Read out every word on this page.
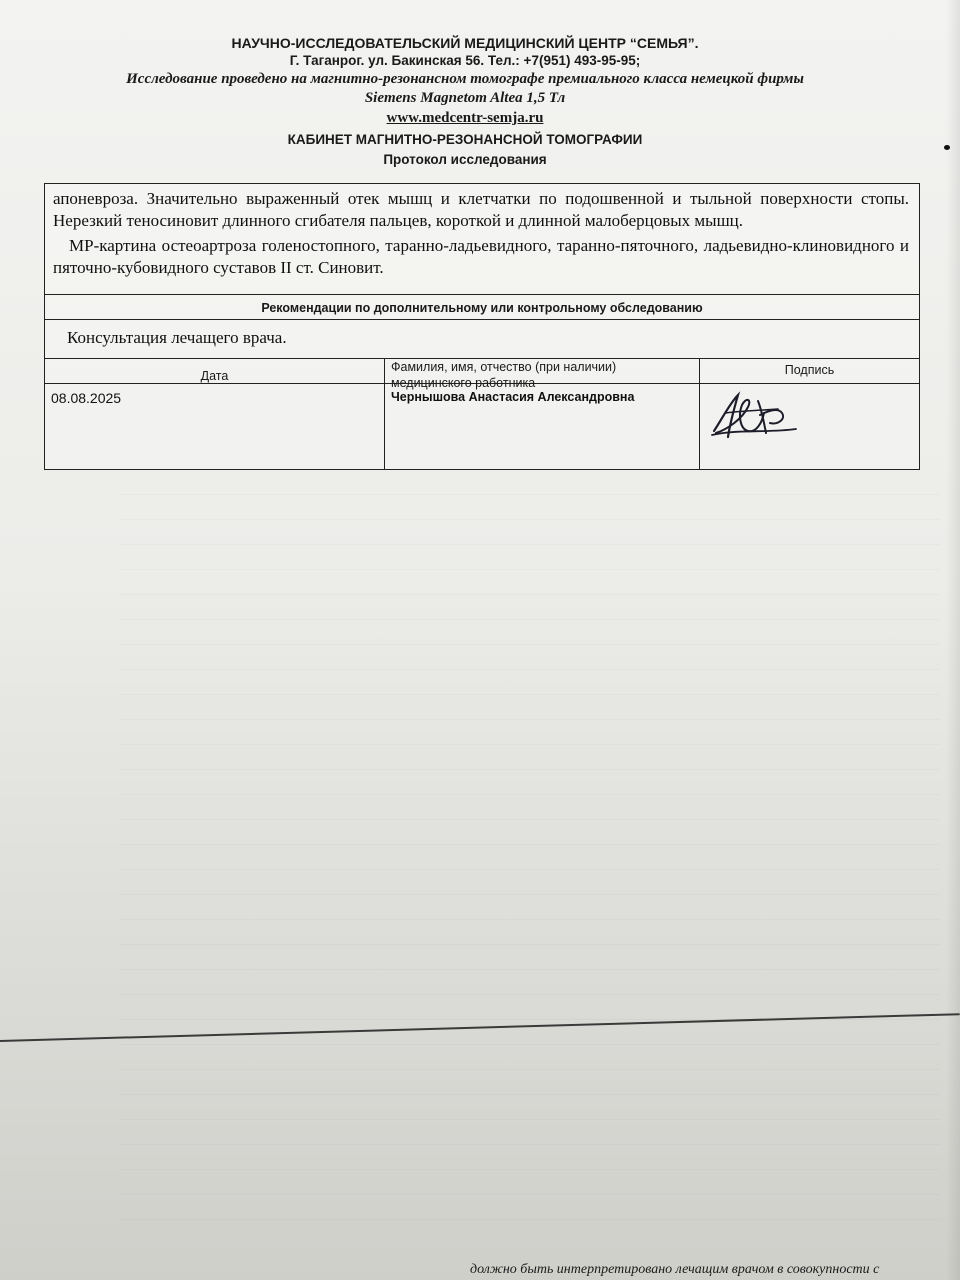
НАУЧНО-ИССЛЕДОВАТЕЛЬСКИЙ МЕДИЦИНСКИЙ ЦЕНТР “СЕМЬЯ”.
Г. Таганрог. ул. Бакинская 56. Тел.: +7(951) 493-95-95;
Исследование проведено на магнитно-резонансном томографе премиального класса немецкой фирмы
Siemens Magnetom Altea 1,5 Тл
www.medcentr-semja.ru
КАБИНЕТ МАГНИТНО-РЕЗОНАНСНОЙ ТОМОГРАФИИ
Протокол исследования

апоневроза. Значительно выраженный отек мышц и клетчатки по подошвенной и тыльной поверхности стопы. Нерезкий теносиновит длинного сгибателя пальцев, короткой и длинной малоберцовых мышц.

МР-картина остеоартроза голеностопного, таранно-ладьевидного, таранно-пяточного, ладьевидно-клиновидного и пяточно-кубовидного суставов II ст. Синовит.

Рекомендации по дополнительному или контрольному обследованию
Консультация лечащего врача.
Дата
08.08.2025
Фамилия, имя, отчество (при наличии)
медицинского работника
Чернышова Анастасия Александровна
Подпись
должно быть интерпретировано лечащим врачом в совокупности с
